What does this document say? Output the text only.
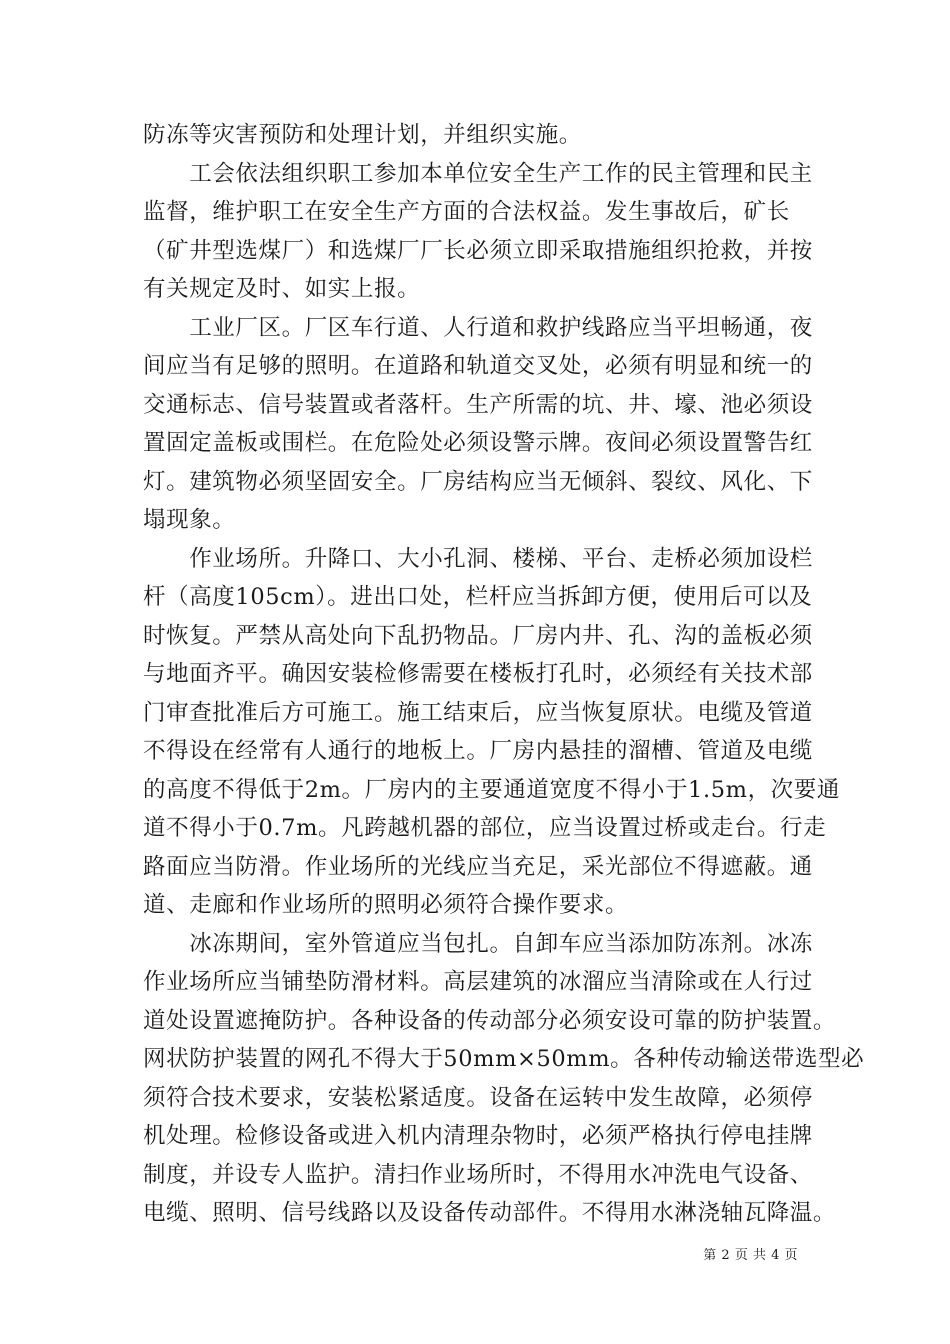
防冻等灾害预防和处理计划，并组织实施。
　　工会依法组织职工参加本单位安全生产工作的民主管理和民主
监督，维护职工在安全生产方面的合法权益。发生事故后，矿长
（矿井型选煤厂）和选煤厂厂长必须立即采取措施组织抢救，并按
有关规定及时、如实上报。
　　工业厂区。厂区车行道、人行道和救护线路应当平坦畅通，夜
间应当有足够的照明。在道路和轨道交叉处，必须有明显和统一的
交通标志、信号装置或者落杆。生产所需的坑、井、壕、池必须设
置固定盖板或围栏。在危险处必须设警示牌。夜间必须设置警告红
灯。建筑物必须坚固安全。厂房结构应当无倾斜、裂纹、风化、下
塌现象。
　　作业场所。升降口、大小孔洞、楼梯、平台、走桥必须加设栏
杆（高度105cm）。进出口处，栏杆应当拆卸方便，使用后可以及
时恢复。严禁从高处向下乱扔物品。厂房内井、孔、沟的盖板必须
与地面齐平。确因安装检修需要在楼板打孔时，必须经有关技术部
门审查批准后方可施工。施工结束后，应当恢复原状。电缆及管道
不得设在经常有人通行的地板上。厂房内悬挂的溜槽、管道及电缆
的高度不得低于2m。厂房内的主要通道宽度不得小于1.5m，次要通
道不得小于0.7m。凡跨越机器的部位，应当设置过桥或走台。行走
路面应当防滑。作业场所的光线应当充足，采光部位不得遮蔽。通
道、走廊和作业场所的照明必须符合操作要求。
　　冰冻期间，室外管道应当包扎。自卸车应当添加防冻剂。冰冻
作业场所应当铺垫防滑材料。高层建筑的冰溜应当清除或在人行过
道处设置遮掩防护。各种设备的传动部分必须安设可靠的防护装置。
网状防护装置的网孔不得大于50mm×50mm。各种传动输送带选型必
须符合技术要求，安装松紧适度。设备在运转中发生故障，必须停
机处理。检修设备或进入机内清理杂物时，必须严格执行停电挂牌
制度，并设专人监护。清扫作业场所时，不得用水冲洗电气设备、
电缆、照明、信号线路以及设备传动部件。不得用水淋浇轴瓦降温。
第 2 页 共 4 页
